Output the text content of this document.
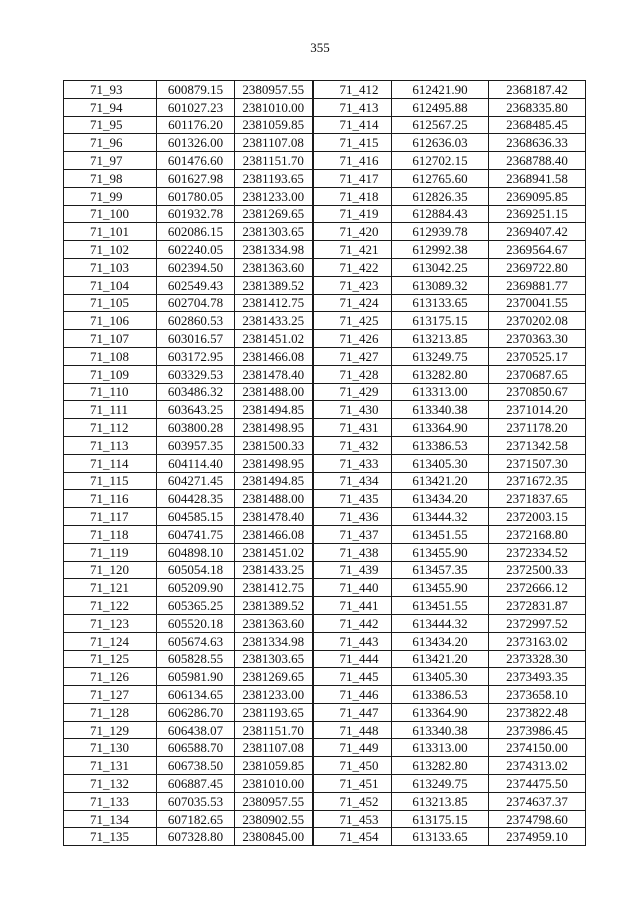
355
71_93	600879.15	2380957.55	71_412	612421.90	2368187.42
71_94	601027.23	2381010.00	71_413	612495.88	2368335.80
71_95	601176.20	2381059.85	71_414	612567.25	2368485.45
71_96	601326.00	2381107.08	71_415	612636.03	2368636.33
71_97	601476.60	2381151.70	71_416	612702.15	2368788.40
71_98	601627.98	2381193.65	71_417	612765.60	2368941.58
71_99	601780.05	2381233.00	71_418	612826.35	2369095.85
71_100	601932.78	2381269.65	71_419	612884.43	2369251.15
71_101	602086.15	2381303.65	71_420	612939.78	2369407.42
71_102	602240.05	2381334.98	71_421	612992.38	2369564.67
71_103	602394.50	2381363.60	71_422	613042.25	2369722.80
71_104	602549.43	2381389.52	71_423	613089.32	2369881.77
71_105	602704.78	2381412.75	71_424	613133.65	2370041.55
71_106	602860.53	2381433.25	71_425	613175.15	2370202.08
71_107	603016.57	2381451.02	71_426	613213.85	2370363.30
71_108	603172.95	2381466.08	71_427	613249.75	2370525.17
71_109	603329.53	2381478.40	71_428	613282.80	2370687.65
71_110	603486.32	2381488.00	71_429	613313.00	2370850.67
71_111	603643.25	2381494.85	71_430	613340.38	2371014.20
71_112	603800.28	2381498.95	71_431	613364.90	2371178.20
71_113	603957.35	2381500.33	71_432	613386.53	2371342.58
71_114	604114.40	2381498.95	71_433	613405.30	2371507.30
71_115	604271.45	2381494.85	71_434	613421.20	2371672.35
71_116	604428.35	2381488.00	71_435	613434.20	2371837.65
71_117	604585.15	2381478.40	71_436	613444.32	2372003.15
71_118	604741.75	2381466.08	71_437	613451.55	2372168.80
71_119	604898.10	2381451.02	71_438	613455.90	2372334.52
71_120	605054.18	2381433.25	71_439	613457.35	2372500.33
71_121	605209.90	2381412.75	71_440	613455.90	2372666.12
71_122	605365.25	2381389.52	71_441	613451.55	2372831.87
71_123	605520.18	2381363.60	71_442	613444.32	2372997.52
71_124	605674.63	2381334.98	71_443	613434.20	2373163.02
71_125	605828.55	2381303.65	71_444	613421.20	2373328.30
71_126	605981.90	2381269.65	71_445	613405.30	2373493.35
71_127	606134.65	2381233.00	71_446	613386.53	2373658.10
71_128	606286.70	2381193.65	71_447	613364.90	2373822.48
71_129	606438.07	2381151.70	71_448	613340.38	2373986.45
71_130	606588.70	2381107.08	71_449	613313.00	2374150.00
71_131	606738.50	2381059.85	71_450	613282.80	2374313.02
71_132	606887.45	2381010.00	71_451	613249.75	2374475.50
71_133	607035.53	2380957.55	71_452	613213.85	2374637.37
71_134	607182.65	2380902.55	71_453	613175.15	2374798.60
71_135	607328.80	2380845.00	71_454	613133.65	2374959.10
